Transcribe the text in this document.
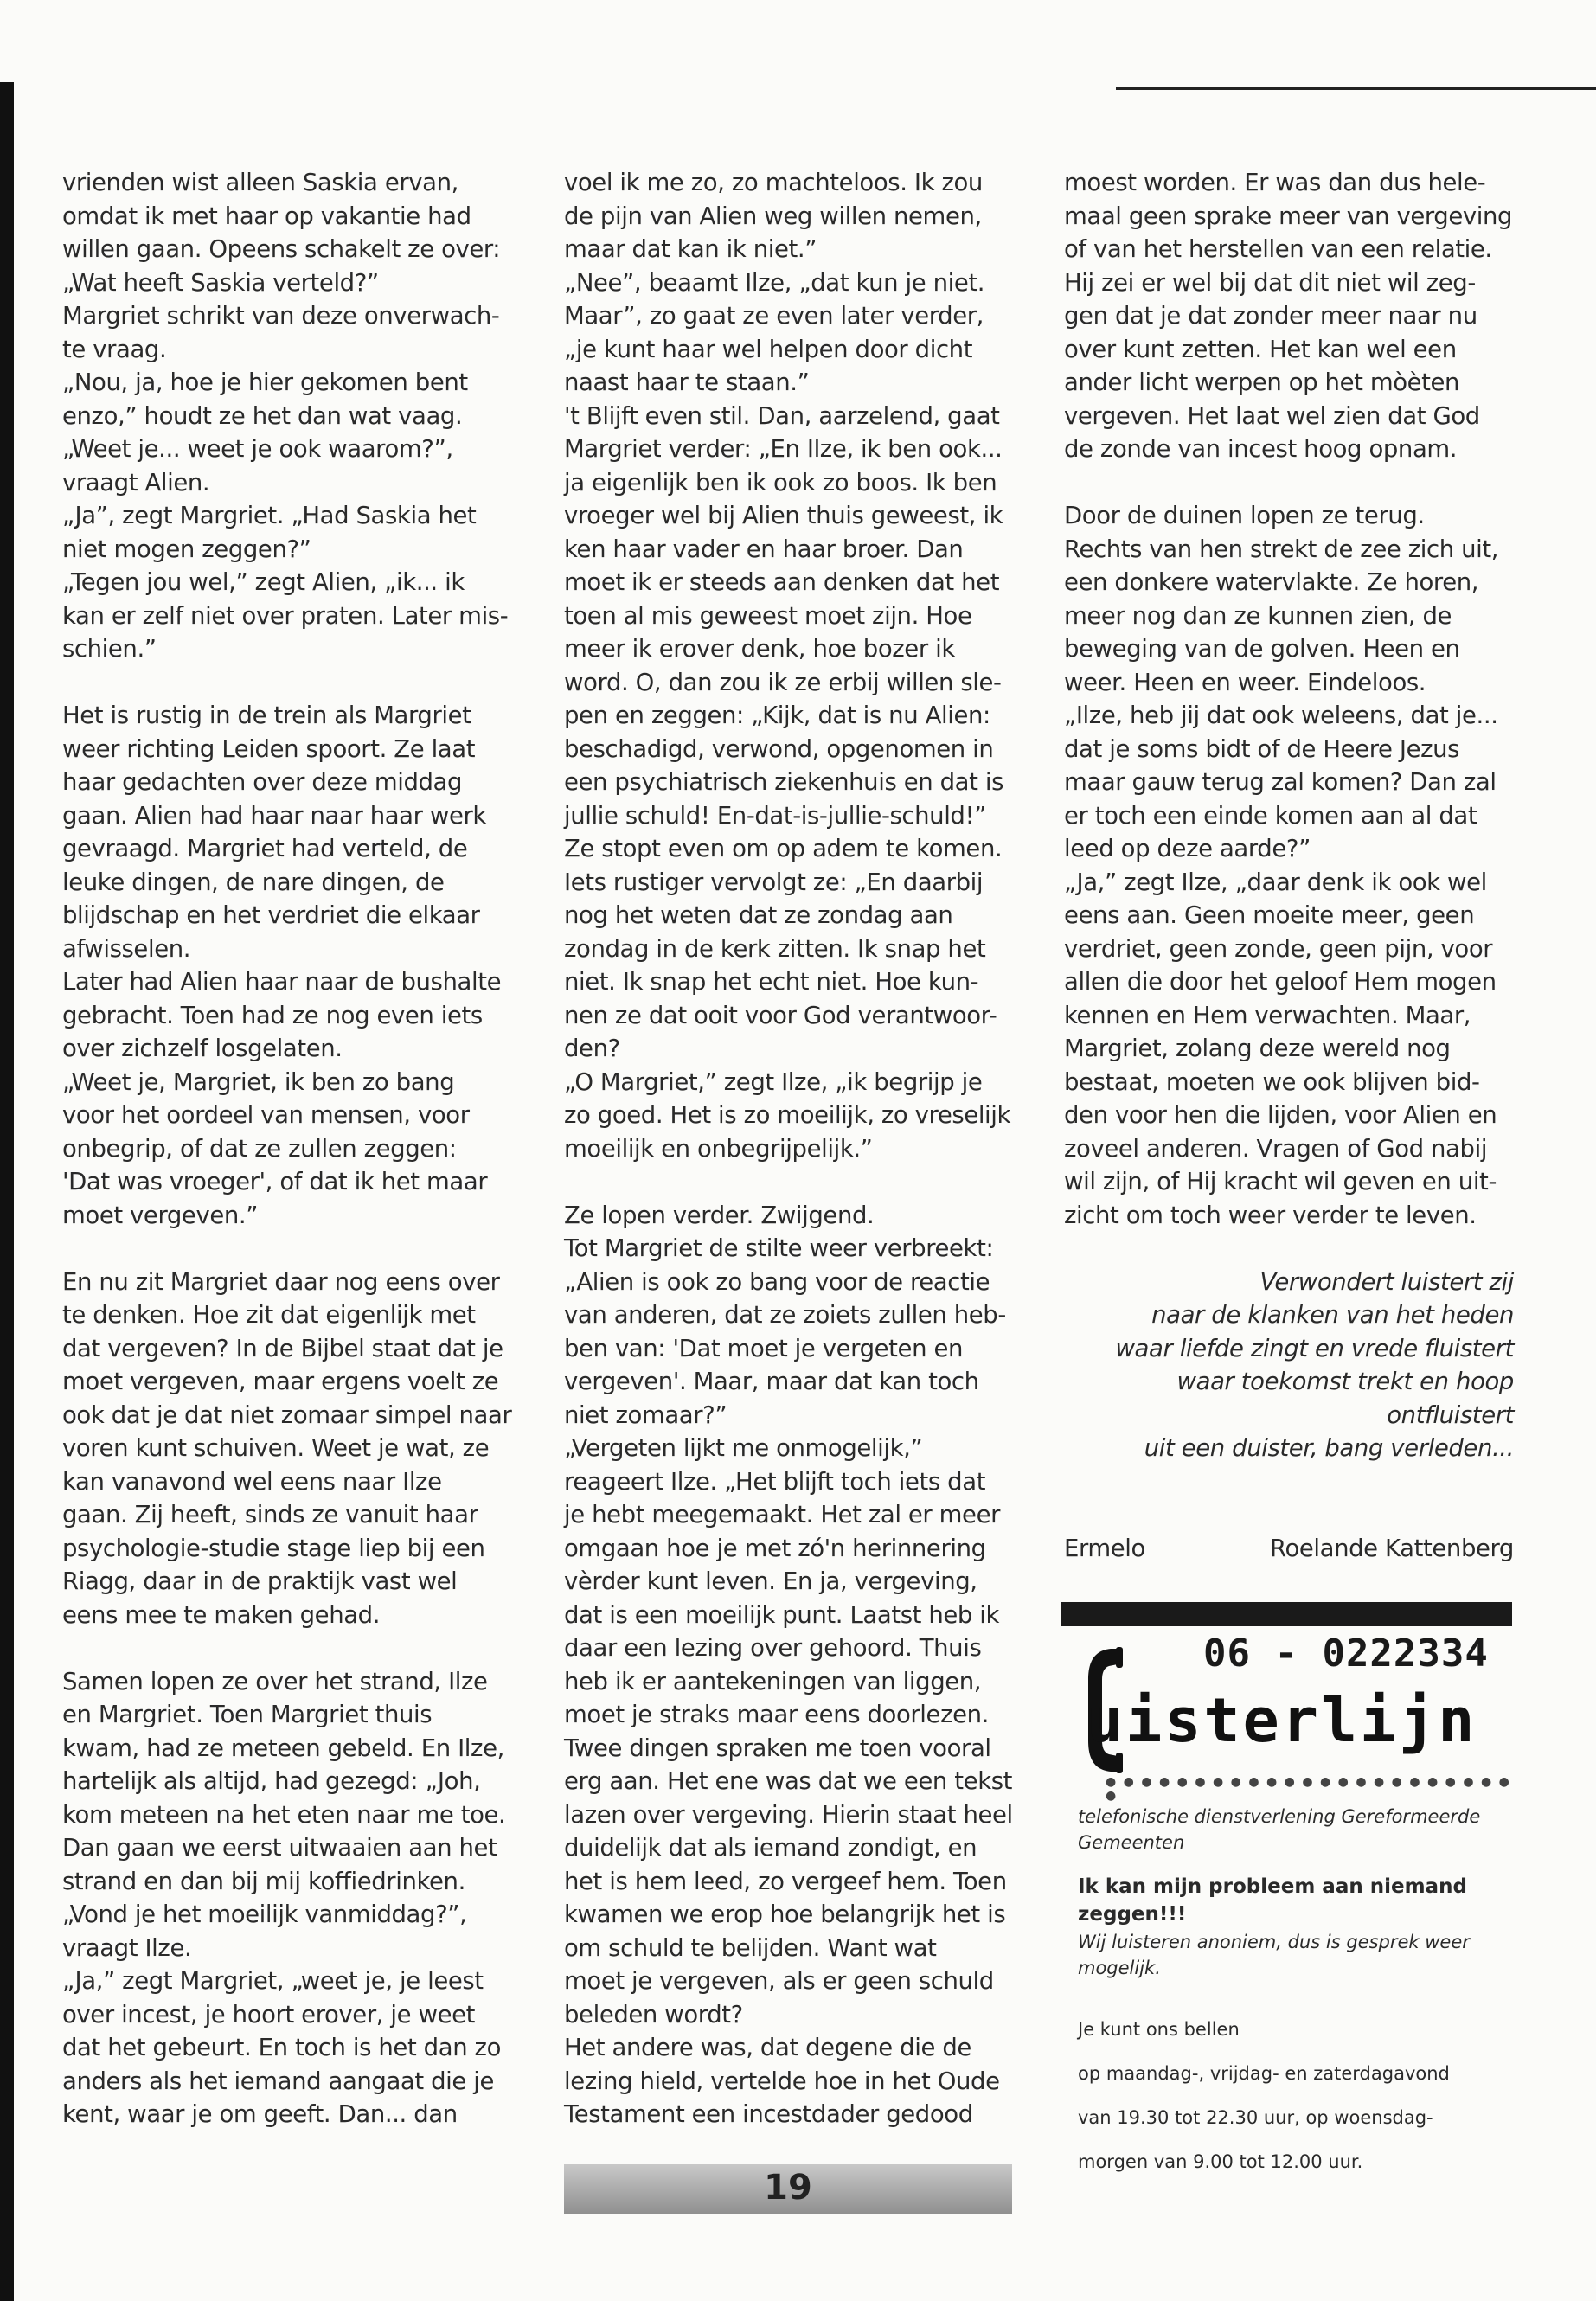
vrienden wist alleen Saskia ervan,

omdat ik met haar op vakantie had

willen gaan. Opeens schakelt ze over:

„Wat heeft Saskia verteld?”

Margriet schrikt van deze onverwach-

te vraag.

„Nou, ja, hoe je hier gekomen bent

enzo,” houdt ze het dan wat vaag.

„Weet je... weet je ook waarom?”,

vraagt Alien.

„Ja”, zegt Margriet. „Had Saskia het

niet mogen zeggen?”

„Tegen jou wel,” zegt Alien, „ik... ik

kan er zelf niet over praten. Later mis-

schien.”

Het is rustig in de trein als Margriet

weer richting Leiden spoort. Ze laat

haar gedachten over deze middag

gaan. Alien had haar naar haar werk

gevraagd. Margriet had verteld, de

leuke dingen, de nare dingen, de

blijdschap en het verdriet die elkaar

afwisselen.

Later had Alien haar naar de bushalte

gebracht. Toen had ze nog even iets

over zichzelf losgelaten.

„Weet je, Margriet, ik ben zo bang

voor het oordeel van mensen, voor

onbegrip, of dat ze zullen zeggen:

'Dat was vroeger', of dat ik het maar

moet vergeven.”

En nu zit Margriet daar nog eens over

te denken. Hoe zit dat eigenlijk met

dat vergeven? In de Bijbel staat dat je

moet vergeven, maar ergens voelt ze

ook dat je dat niet zomaar simpel naar

voren kunt schuiven. Weet je wat, ze

kan vanavond wel eens naar Ilze

gaan. Zij heeft, sinds ze vanuit haar

psychologie-studie stage liep bij een

Riagg, daar in de praktijk vast wel

eens mee te maken gehad.

Samen lopen ze over het strand, Ilze

en Margriet. Toen Margriet thuis

kwam, had ze meteen gebeld. En Ilze,

hartelijk als altijd, had gezegd: „Joh,

kom meteen na het eten naar me toe.

Dan gaan we eerst uitwaaien aan het

strand en dan bij mij koffiedrinken.

„Vond je het moeilijk vanmiddag?”,

vraagt Ilze.

„Ja,” zegt Margriet, „weet je, je leest

over incest, je hoort erover, je weet

dat het gebeurt. En toch is het dan zo

anders als het iemand aangaat die je

kent, waar je om geeft. Dan... dan

voel ik me zo, zo machteloos. Ik zou

de pijn van Alien weg willen nemen,

maar dat kan ik niet.”

„Nee”, beaamt Ilze, „dat kun je niet.

Maar”, zo gaat ze even later verder,

„je kunt haar wel helpen door dicht

naast haar te staan.”

't Blijft even stil. Dan, aarzelend, gaat

Margriet verder: „En Ilze, ik ben ook...

ja eigenlijk ben ik ook zo boos. Ik ben

vroeger wel bij Alien thuis geweest, ik

ken haar vader en haar broer. Dan

moet ik er steeds aan denken dat het

toen al mis geweest moet zijn. Hoe

meer ik erover denk, hoe bozer ik

word. O, dan zou ik ze erbij willen sle-

pen en zeggen: „Kijk, dat is nu Alien:

beschadigd, verwond, opgenomen in

een psychiatrisch ziekenhuis en dat is

jullie schuld! En-dat-is-jullie-schuld!”

Ze stopt even om op adem te komen.

Iets rustiger vervolgt ze: „En daarbij

nog het weten dat ze zondag aan

zondag in de kerk zitten. Ik snap het

niet. Ik snap het echt niet. Hoe kun-

nen ze dat ooit voor God verantwoor-

den?

„O Margriet,” zegt Ilze, „ik begrijp je

zo goed. Het is zo moeilijk, zo vreselijk

moeilijk en onbegrijpelijk.”

Ze lopen verder. Zwijgend.

Tot Margriet de stilte weer verbreekt:

„Alien is ook zo bang voor de reactie

van anderen, dat ze zoiets zullen heb-

ben van: 'Dat moet je vergeten en

vergeven'. Maar, maar dat kan toch

niet zomaar?”

„Vergeten lijkt me onmogelijk,”

reageert Ilze. „Het blijft toch iets dat

je hebt meegemaakt. Het zal er meer

omgaan hoe je met zó'n herinnering

vèrder kunt leven. En ja, vergeving,

dat is een moeilijk punt. Laatst heb ik

daar een lezing over gehoord. Thuis

heb ik er aantekeningen van liggen,

moet je straks maar eens doorlezen.

Twee dingen spraken me toen vooral

erg aan. Het ene was dat we een tekst

lazen over vergeving. Hierin staat heel

duidelijk dat als iemand zondigt, en

het is hem leed, zo vergeef hem. Toen

kwamen we erop hoe belangrijk het is

om schuld te belijden. Want wat

moet je vergeven, als er geen schuld

beleden wordt?

Het andere was, dat degene die de

lezing hield, vertelde hoe in het Oude

Testament een incestdader gedood

moest worden. Er was dan dus hele-

maal geen sprake meer van vergeving

of van het herstellen van een relatie.

Hij zei er wel bij dat dit niet wil zeg-

gen dat je dat zonder meer naar nu

over kunt zetten. Het kan wel een

ander licht werpen op het mòèten

vergeven. Het laat wel zien dat God

de zonde van incest hoog opnam.

Door de duinen lopen ze terug.

Rechts van hen strekt de zee zich uit,

een donkere watervlakte. Ze horen,

meer nog dan ze kunnen zien, de

beweging van de golven. Heen en

weer. Heen en weer. Eindeloos.

„Ilze, heb jij dat ook weleens, dat je...

dat je soms bidt of de Heere Jezus

maar gauw terug zal komen? Dan zal

er toch een einde komen aan al dat

leed op deze aarde?”

„Ja,” zegt Ilze, „daar denk ik ook wel

eens aan. Geen moeite meer, geen

verdriet, geen zonde, geen pijn, voor

allen die door het geloof Hem mogen

kennen en Hem verwachten. Maar,

Margriet, zolang deze wereld nog

bestaat, moeten we ook blijven bid-

den voor hen die lijden, voor Alien en

zoveel anderen. Vragen of God nabij

wil zijn, of Hij kracht wil geven en uit-

zicht om toch weer verder te leven.

Verwondert luistert zij

naar de klanken van het heden

waar liefde zingt en vrede fluistert

waar toekomst trekt en hoop ontfluistert

uit een duister, bang verleden...

Ermelo	Roelande Kattenberg
06 - 0222334
uisterlijn
● ● ● ● ● ● ● ● ● ● ● ● ● ● ● ● ● ● ● ● ● ● ● ●
telefonische dienstverlening Gereformeerde Gemeenten
Ik kan mijn probleem aan niemand zeggen!!!
Wij luisteren anoniem, dus is gesprek weer mogelijk.

Je kunt ons bellen

op maandag-, vrijdag- en zaterdagavond

van 19.30 tot 22.30 uur, op woensdag-

morgen van 9.00 tot 12.00 uur.

19
